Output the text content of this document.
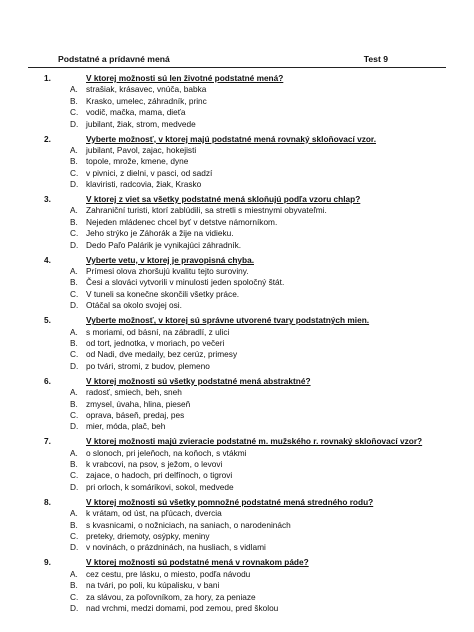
Podstatné a prídavné mená	Test 9
1.	V ktorej možnosti sú len životné podstatné mená?
A. strašiak, krásavec, vnúča, babka
B. Krasko, umelec, záhradník, princ
C. vodič, mačka, mama, dieťa
D. jubilant, žiak, strom, medvede
2.	Vyberte možnosť, v ktorej majú podstatné mená rovnaký skloňovací vzor.
A. jubilant, Pavol, zajac, hokejisti
B. topole, mrože, kmene, dyne
C. v pivnici, z dielni, v pasci, od sadzí
D. klaviristi, radcovia, žiak, Krasko
3.	V ktorej z viet sa všetky podstatné mená skloňujú podľa vzoru chlap?
A. Zahraniční turisti, ktorí zablúdili, sa stretli s miestnymi obyvateľmi.
B. Nejeden mládenec chcel byť v detstve námorníkom.
C. Jeho strýko je Záhorák a žije na vidieku.
D. Dedo Paľo Palárik je vynikajúci záhradník.
4.	Vyberte vetu, v ktorej je pravopisná chyba.
A. Prímesi olova zhoršujú kvalitu tejto suroviny.
B. Česi a slováci vytvorili v minulosti jeden spoločný štát.
C. V tuneli sa konečne skončili všetky práce.
D. Otáčal sa okolo svojej osi.
5.	Vyberte možnosť, v ktorej sú správne utvorené tvary podstatných mien.
A. s moriami, od básní, na zábradlí, z ulici
B. od tort, jednotka, v moriach, po večeri
C. od Nadi, dve medaily, bez cerúz, primesy
D. po tvári, stromi, z budov, plemeno
6.	V ktorej možnosti sú všetky podstatné mená abstraktné?
A. radosť, smiech, beh, sneh
B. zmysel, úvaha, hlina, pieseň
C. oprava, báseň, predaj, pes
D. mier, móda, plač, beh
7.	V ktorej možnosti majú zvieracie podstatné m. mužského r. rovnaký skloňovací vzor?
A. o slonoch, pri jeleňoch, na koňoch, s vtákmi
B. k vrabcovi, na psov, s ježom, o levovi
C. zajace, o hadoch, pri delfínoch, o tigrovi
D. pri orloch, k somárikovi, sokol, medvede
8.	V ktorej možnosti sú všetky pomnožné podstatné mená stredného rodu?
A. k vrátam, od úst, na pľúcach, dvercia
B. s kvasnicami, o nožniciach, na saniach, o narodeninách
C. preteky, driemoty, osýpky, meniny
D. v novinách, o prázdninách, na husliach, s vidlami
9.	V ktorej možnosti sú podstatné mená v rovnakom páde?
A. cez cestu, pre lásku, o miesto, podľa návodu
B. na tvári, po poli, ku kúpalisku, v bani
C. za slávou, za poľovníkom, za hory, za peniaze
D. nad vrchmi, medzi domami, pod zemou, pred školou
